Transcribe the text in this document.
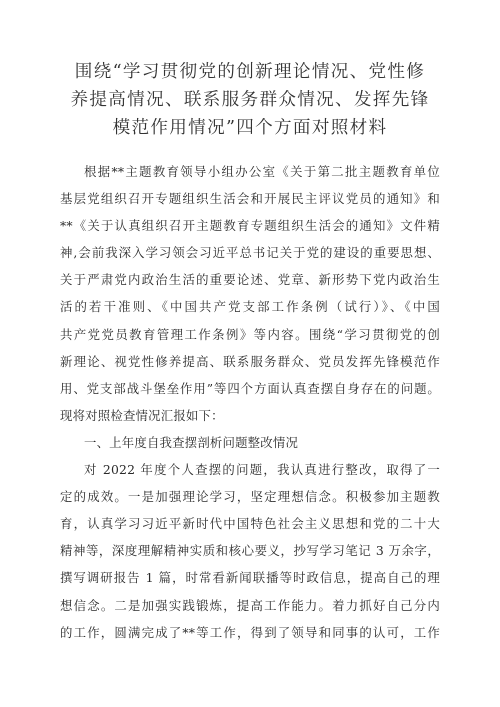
围绕“学习贯彻党的创新理论情况、党性修
养提高情况、联系服务群众情况、发挥先锋
模范作用情况”四个方面对照材料

根据**主题教育领导小组办公室《关于第二批主题教育单位
基层党组织召开专题组织生活会和开展民主评议党员的通知》和
**《关于认真组织召开主题教育专题组织生活会的通知》文件精
神,会前我深入学习领会习近平总书记关于党的建设的重要思想、
关于严肃党内政治生活的重要论述、党章、新形势下党内政治生
活的若干准则、《中国共产党支部工作条例（试行）》、《中国
共产党党员教育管理工作条例》等内容。围绕“学习贯彻党的创
新理论、视党性修养提高、联系服务群众、党员发挥先锋模范作
用、党支部战斗堡垒作用”等四个方面认真查摆自身存在的问题。
现将对照检查情况汇报如下：

一、上年度自我查摆剖析问题整改情况

对 2022 年度个人查摆的问题，我认真进行整改，取得了一
定的成效。一是加强理论学习，坚定理想信念。积极参加主题教
育，认真学习习近平新时代中国特色社会主义思想和党的二十大
精神等，深度理解精神实质和核心要义，抄写学习笔记 3 万余字，
撰写调研报告 1 篇，时常看新闻联播等时政信息，提高自己的理
想信念。二是加强实践锻炼，提高工作能力。着力抓好自己分内
的工作，圆满完成了**等工作，得到了领导和同事的认可，工作
